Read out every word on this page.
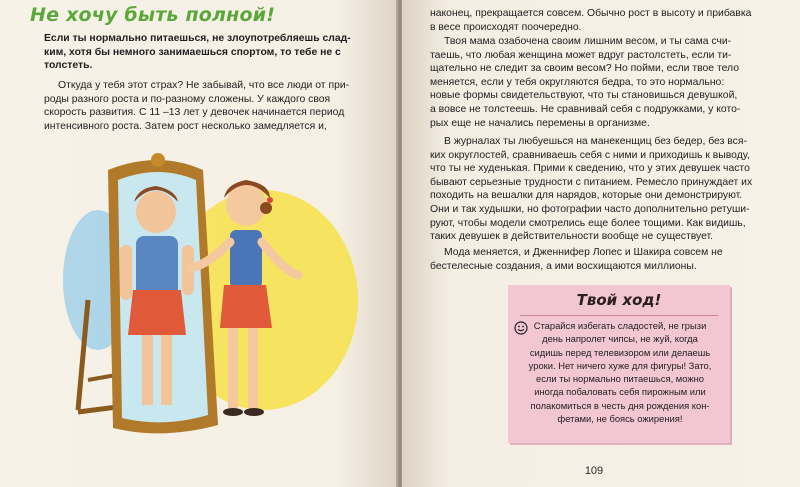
Не хочу быть полной!

Если ты нормально питаешься, не злоупотребляешь слад-

ким, хотя бы немного занимаешься спортом, то тебе не с

толстеть.

Откуда у тебя этот страх? Не забывай, что все люди от при-

роды разного роста и по-разному сложены. У каждого своя

скорость развития. С 11 –13 лет у девочек начинается период

интенсивного роста. Затем рост несколько замедляется и,

наконец, прекращается совсем. Обычно рост в высоту и прибавка

в весе происходят поочередно.

Твоя мама озабочена своим лишним весом, и ты сама счи-

таешь, что любая женщина может вдруг растолстеть, если ти-

щательно не следит за своим весом? Но пойми, если твое тело

меняется, если у тебя округляются бедра, то это нормально:

новые формы свидетельствуют, что ты становишься девушкой,

а вовсе не толстеешь. Не сравнивай себя с подружками, у кото-

рых еще не начались перемены в организме.

В журналах ты любуешься на манекенщиц без бедер, без вся-

ких округлостей, сравниваешь себя с ними и приходишь к выводу,

что ты не худенькая. Прими к сведению, что у этих девушек часто

бывают серьезные трудности с питанием. Ремесло принуждает их

походить на вешалки для нарядов, которые они демонстрируют.

Они и так худышки, но фотографии часто дополнительно ретуши-

руют, чтобы модели смотрелись еще более тощими. Как видишь,

таких девушек в действительности вообще не существует.

Мода меняется, и Дженнифер Лопес и Шакира совсем не

бестелесные создания, а ими восхищаются миллионы.

Твой ход!
Старайся избегать сладостей, не грызи
день напролет чипсы, не жуй, когда
сидишь перед телевизором или делаешь
уроки. Нет ничего хуже для фигуры! Зато,
если ты нормально питаешься, можно
иногда побаловать себя пирожным или
полакомиться в честь дня рождения кон-
фетами, не боясь ожирения!
109
